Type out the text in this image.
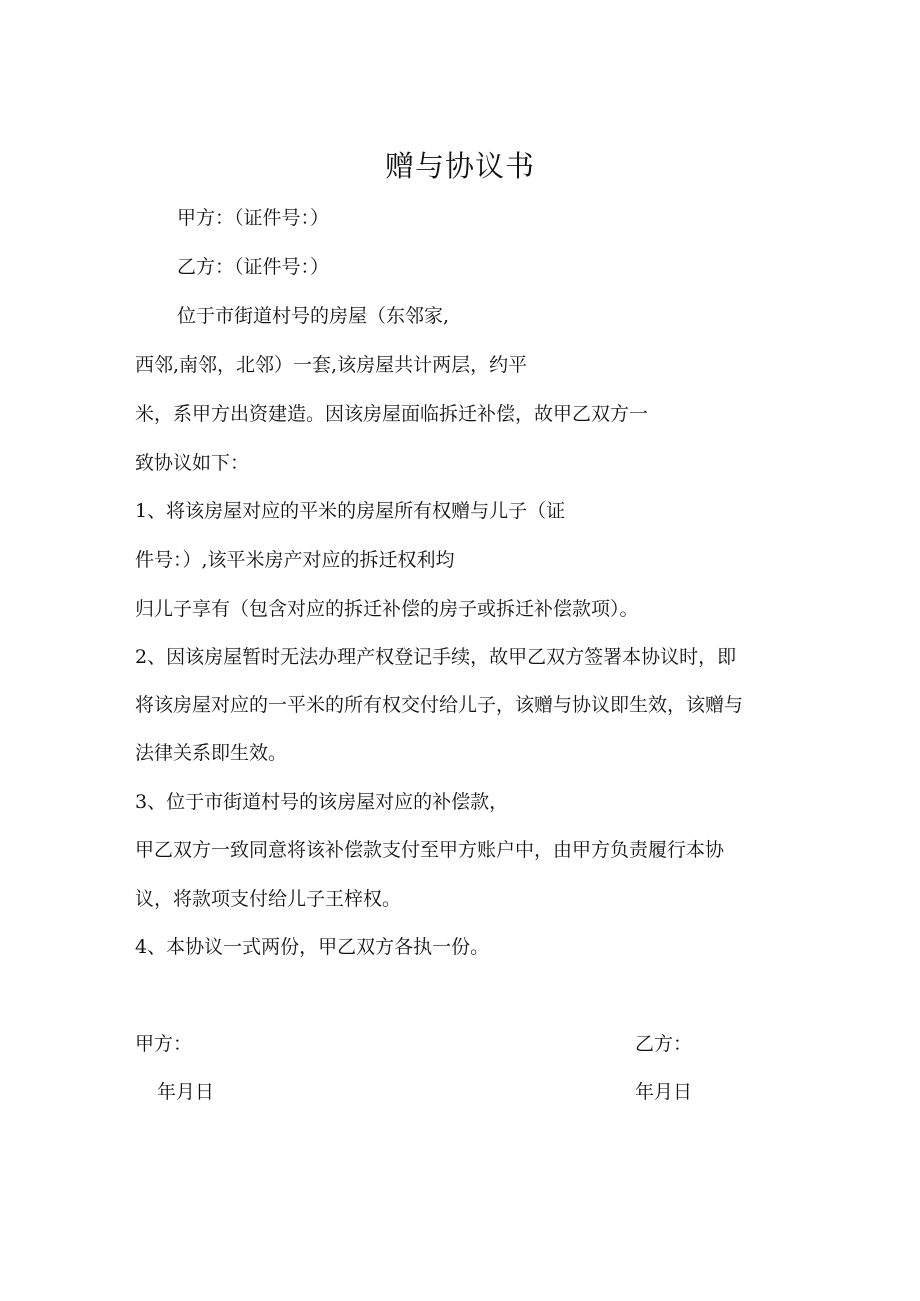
赠与协议书
甲方：（证件号：）
乙方：（证件号：）
位于市街道村号的房屋（东邻家,
西邻,南邻，北邻）一套,该房屋共计两层，约平
米，系甲方出资建造。因该房屋面临拆迁补偿，故甲乙双方一
致协议如下：
1、将该房屋对应的平米的房屋所有权赠与儿子（证
件号：）,该平米房产对应的拆迁权利均
归儿子享有（包含对应的拆迁补偿的房子或拆迁补偿款项）。
2、因该房屋暂时无法办理产权登记手续，故甲乙双方签署本协议时，即
将该房屋对应的一平米的所有权交付给儿子，该赠与协议即生效，该赠与
法律关系即生效。
3、位于市街道村号的该房屋对应的补偿款，
甲乙双方一致同意将该补偿款支付至甲方账户中，由甲方负责履行本协
议，将款项支付给儿子王梓权。
4、本协议一式两份，甲乙双方各执一份。
甲方：	乙方：
年月日	年月日
